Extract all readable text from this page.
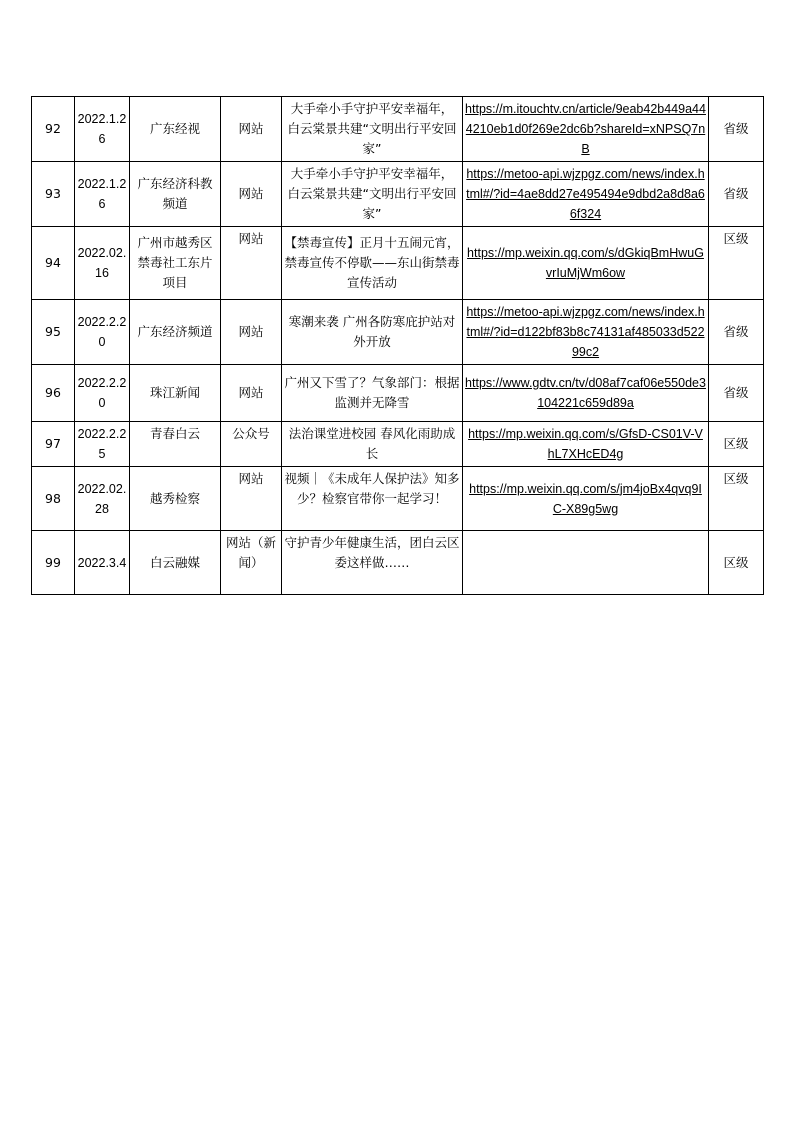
92	2022.1.26	广东经视	网站	大手牵小手守护平安幸福年， 白云棠景共建“文明出行平安回家”	https://m.itouchtv.cn/article/9eab42b449a444210eb1d0f269e2dc6b?shareId=xNPSQ7nB	省级
93	2022.1.26	广东经济科教频道	网站	大手牵小手守护平安幸福年， 白云棠景共建“文明出行平安回家”	https://metoo-api.wjzpgz.com/news/index.html#/?id=4ae8dd27e495494e9dbd2a8d8a66f324	省级
94	2022.02.16	广州市越秀区禁毒社工东片项目	网站	【禁毒宣传】正月十五闹元宵，禁毒宣传不停歇——东山街禁毒宣传活动	https://mp.weixin.qq.com/s/dGkiqBmHwuGvrIuMjWm6ow	区级
95	2022.2.20	广东经济频道	网站	寒潮来袭 广州各防寒庇护站对外开放	https://metoo-api.wjzpgz.com/news/index.html#/?id=d122bf83b8c74131af485033d52299c2	省级
96	2022.2.20	珠江新闻	网站	广州又下雪了？气象部门：根据监测并无降雪	https://www.gdtv.cn/tv/d08af7caf06e550de3104221c659d89a	省级
97	2022.2.25	青春白云	公众号	法治课堂进校园 春风化雨助成长	https://mp.weixin.qq.com/s/GfsD-CS01V-VhL7XHcED4g	区级
98	2022.02.28	越秀检察	网站	视频｜《未成年人保护法》知多少？检察官带你一起学习！	https://mp.weixin.qq.com/s/jm4joBx4qvq9IC-X89g5wg	区级
99	2022.3.4	白云融媒	网站（新闻）	守护青少年健康生活，团白云区委这样做……		区级
